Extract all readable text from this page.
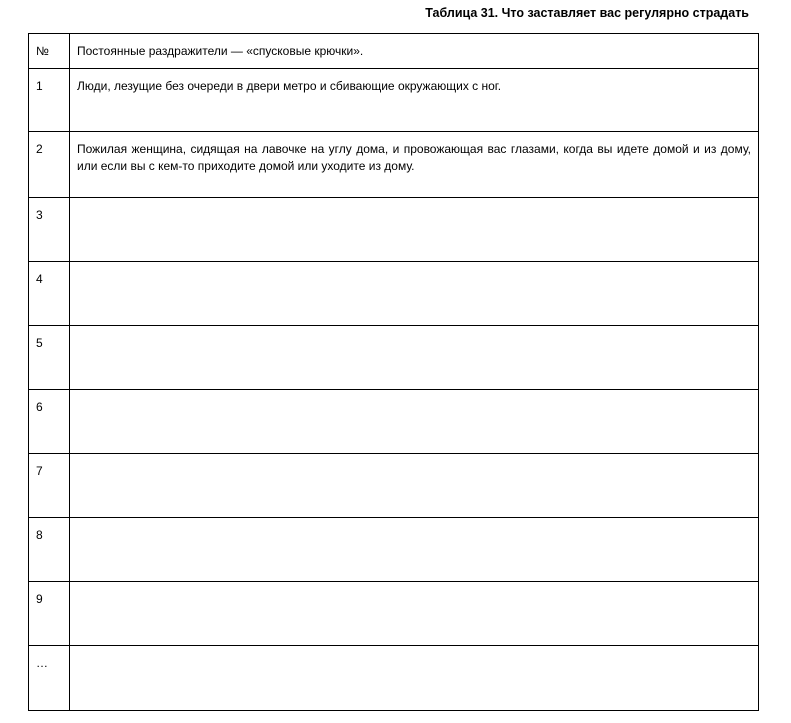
Таблица 31. Что заставляет вас регулярно страдать
№	Постоянные раздражители — «спусковые крючки».
1	Люди, лезущие без очереди в двери метро и сбивающие окружающих с ног.
2	Пожилая женщина, сидящая на лавочке на углу дома, и провожающая вас глазами, когда вы идете домой и из дому, или если вы с кем-то приходите домой или уходите из дому.
3	
4	
5	
6	
7	
8	
9	
…	
